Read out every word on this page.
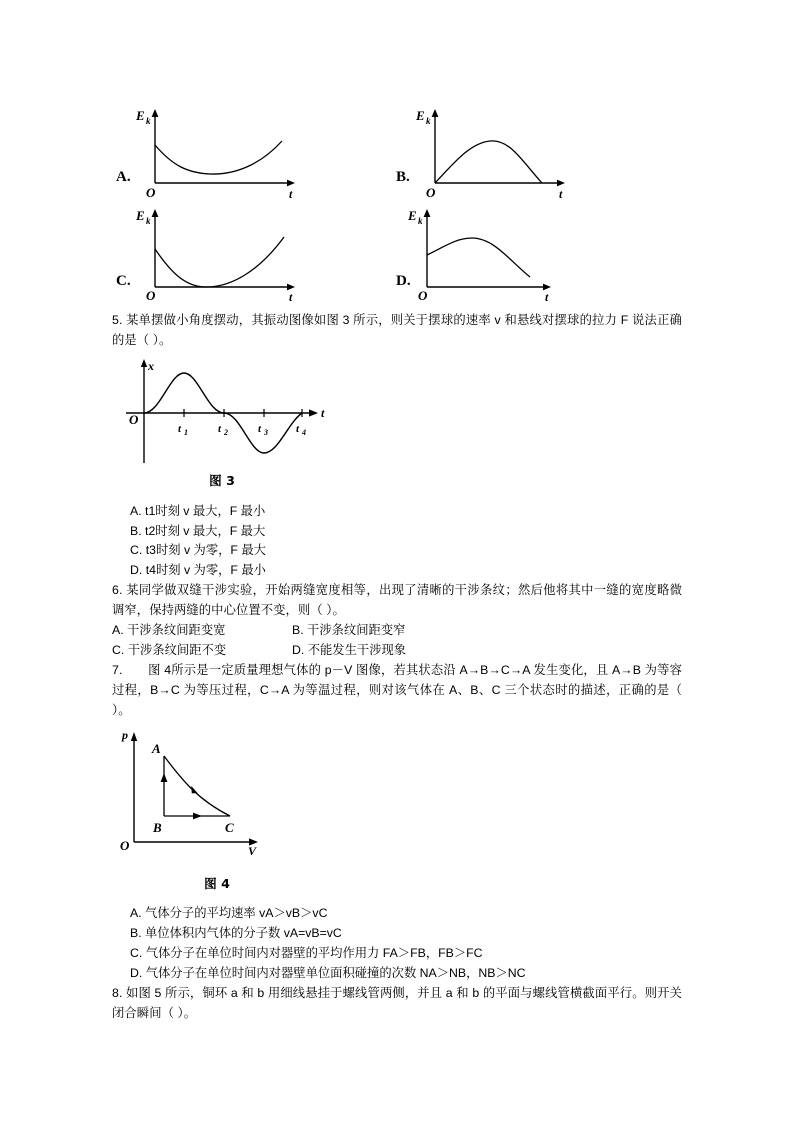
A.
E k
t
O
B.
E k
t
O
C.
E k
t
O
D.
E k
t
O

5. 某单摆做小角度摆动，其振动图像如图 3 所示，则关于摆球的速率 v 和悬线对摆球的拉力 F 说法正确的是（ ）。

x
t
O
t 1	t 2	t 3	t 4
图 3
A. t1时刻 v 最大，F 最小
B. t2时刻 v 最大，F 最大
C. t3时刻 v 为零，F 最大
D. t4时刻 v 为零，F 最小

6. 某同学做双缝干涉实验，开始两缝宽度相等，出现了清晰的干涉条纹；然后他将其中一缝的宽度略微调窄，保持两缝的中心位置不变，则（ ）。

A. 干涉条纹间距变宽	B. 干涉条纹间距变窄
C. 干涉条纹间距不变	D. 不能发生干涉现象

7. 图 4所示是一定质量理想气体的 p－V 图像，若其状态沿 A→B→C→A 发生变化，且 A→B 为等容过程，B→C 为等压过程，C→A 为等温过程，则对该气体在 A、B、C 三个状态时的描述，正确的是（ ）。

p
V
O
A
B	C
图 4
A. 气体分子的平均速率 vA＞vB＞vC
B. 单位体积内气体的分子数 vA=vB=vC
C. 气体分子在单位时间内对器壁的平均作用力 FA＞FB，FB＞FC
D. 气体分子在单位时间内对器壁单位面积碰撞的次数 NA＞NB，NB＞NC

8. 如图 5 所示，铜环 a 和 b 用细线悬挂于螺线管两侧，并且 a 和 b 的平面与螺线管横截面平行。则开关闭合瞬间（ ）。
